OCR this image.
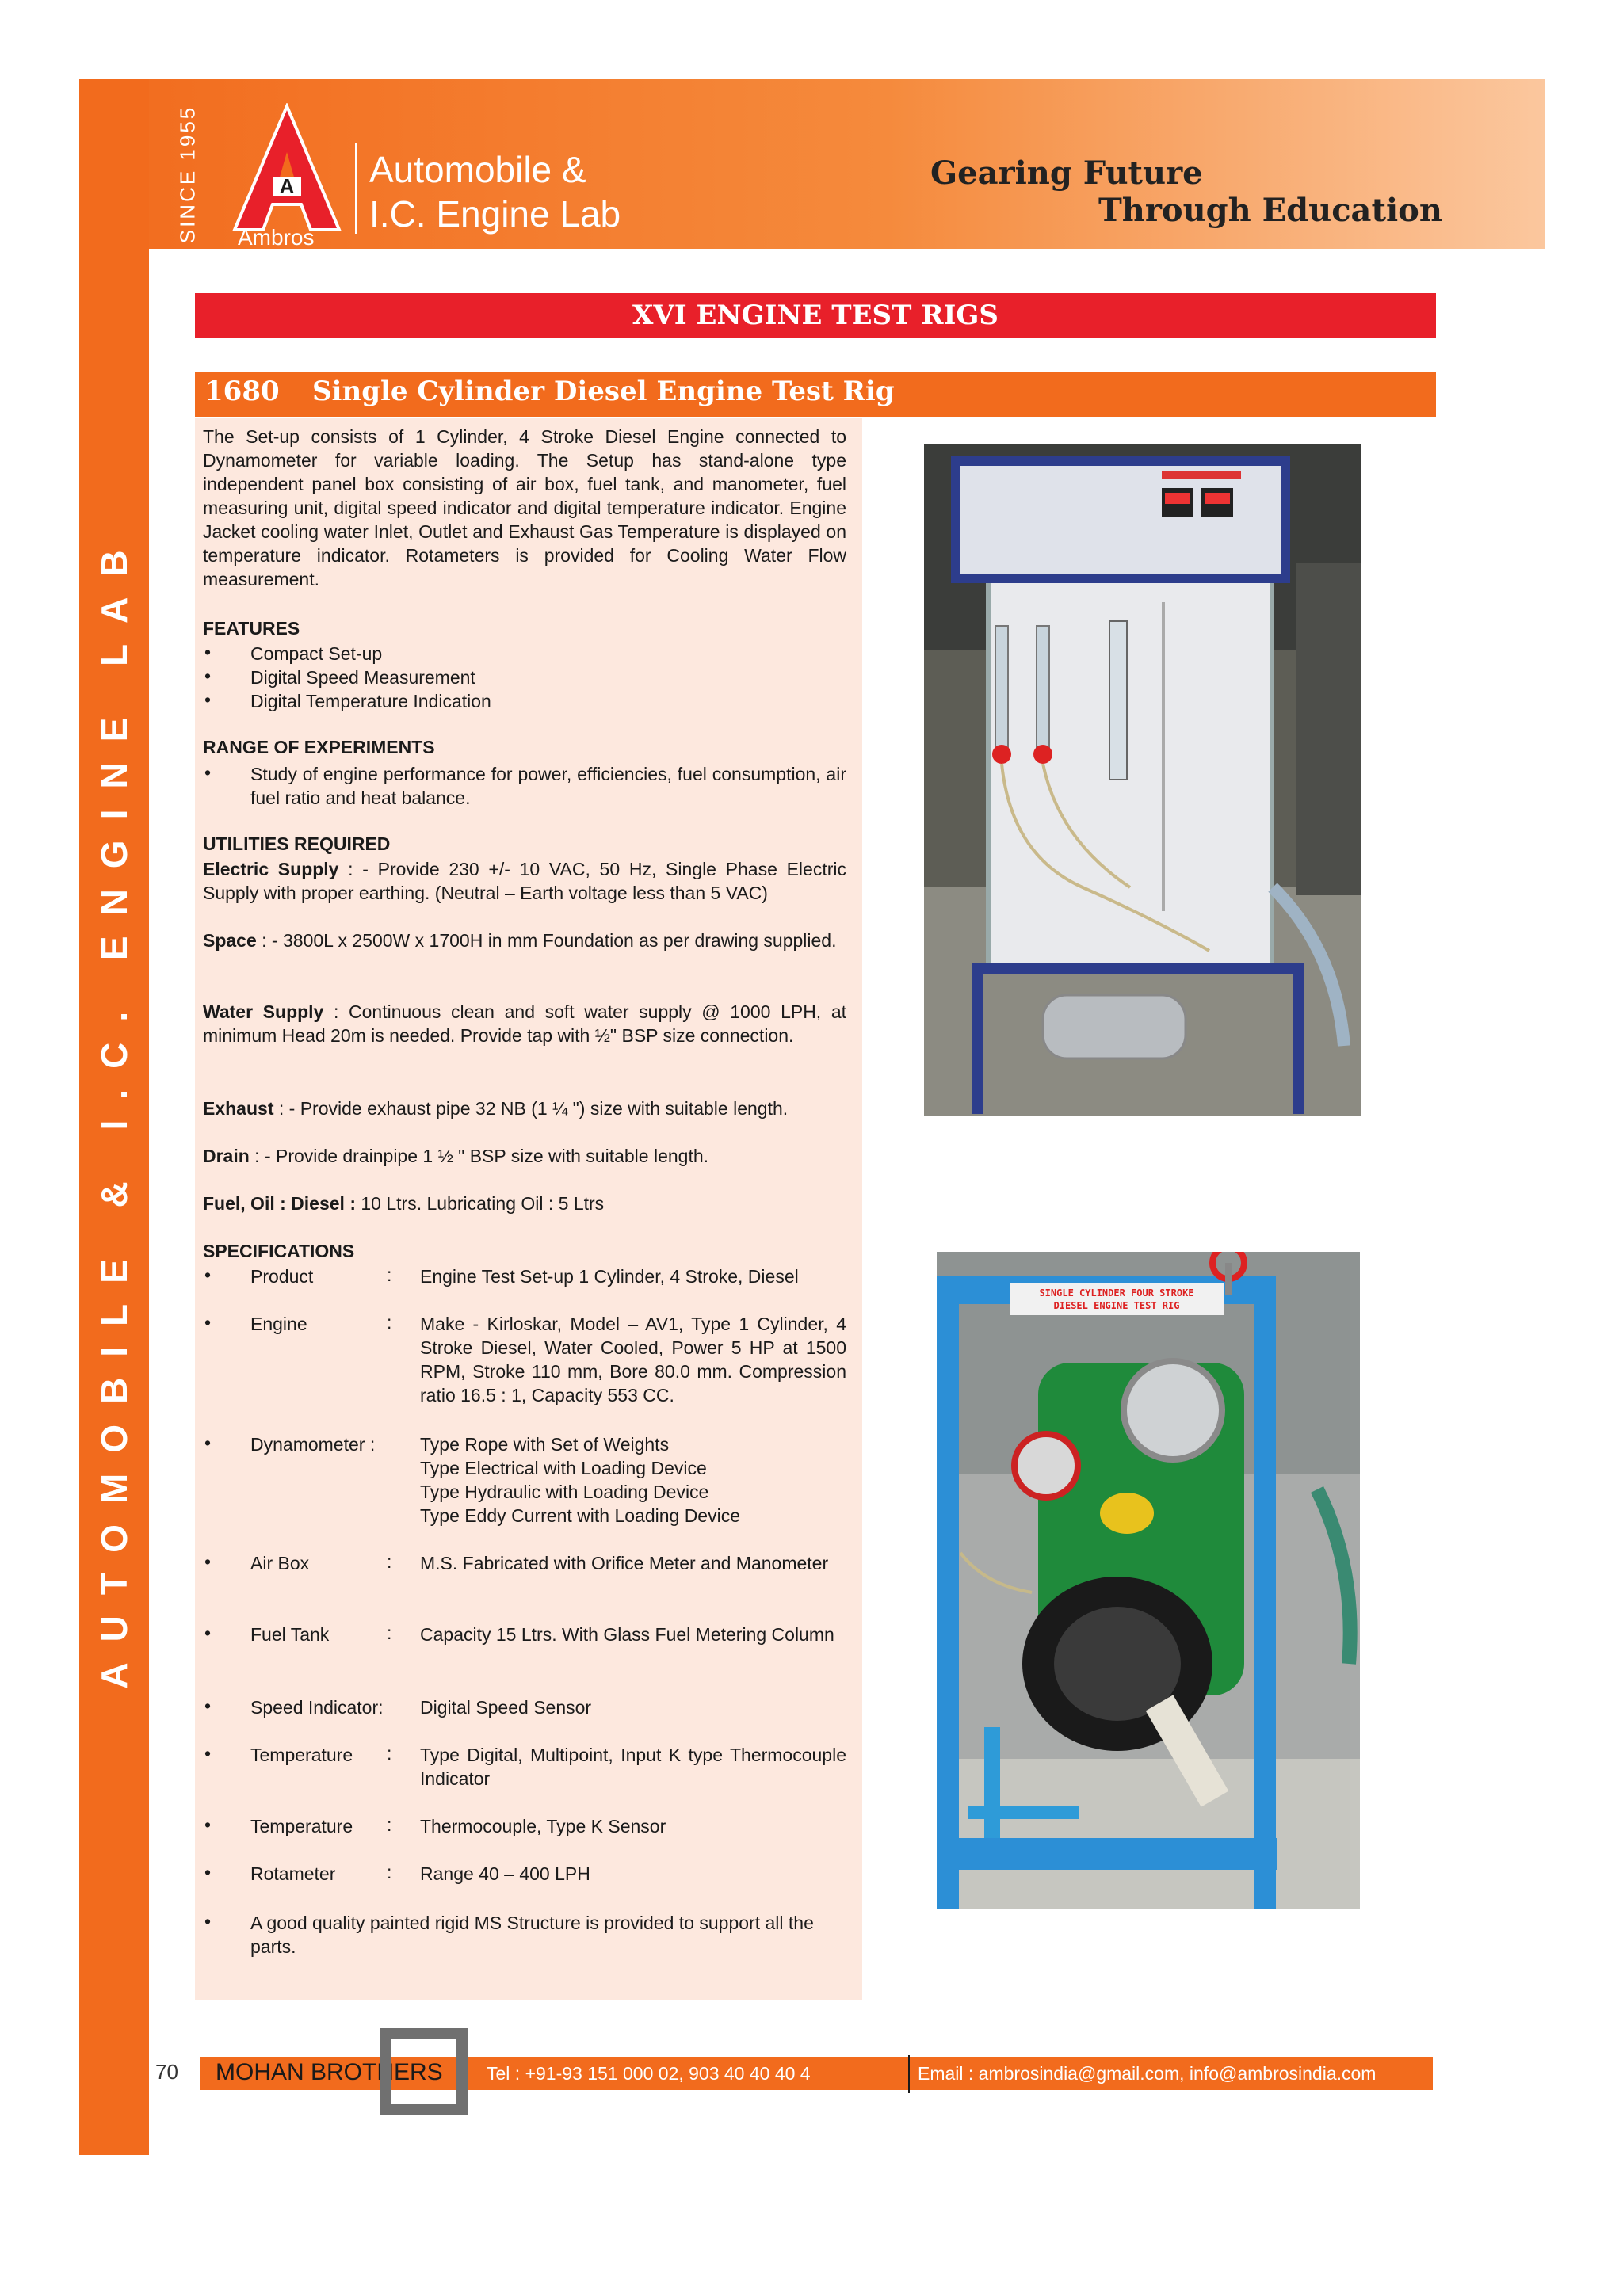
SINCE 1955	A
Ambros
Automobile &
I.C. Engine Lab
Gearing Future
Through Education
AUTOMOBILE & I.C. ENGINE LAB
XVI ENGINE TEST RIGS
1680 Single Cylinder Diesel Engine Test Rig
The Set-up consists of 1 Cylinder, 4 Stroke Diesel Engine connected to Dynamometer for variable loading. The Setup has stand-alone type independent panel box consisting of air box, fuel tank, and manometer, fuel measuring unit, digital speed indicator and digital temperature indicator. Engine Jacket cooling water Inlet, Outlet and Exhaust Gas Temperature is displayed on temperature indicator. Rotameters is provided for Cooling Water Flow measurement.
FEATURES
• Compact Set-up
• Digital Speed Measurement
• Digital Temperature Indication
RANGE OF EXPERIMENTS
• Study of engine performance for power, efficiencies, fuel consumption, air fuel ratio and heat balance.
UTILITIES REQUIRED
Electric Supply : - Provide 230 +/- 10 VAC, 50 Hz, Single Phase Electric Supply with proper earthing. (Neutral – Earth voltage less than 5 VAC)
Space : - 3800L x 2500W x 1700H in mm Foundation as per drawing supplied.
Water Supply : Continuous clean and soft water supply @ 1000 LPH, at minimum Head 20m is needed. Provide tap with ½" BSP size connection.
Exhaust : - Provide exhaust pipe 32 NB (1 ¼ ") size with suitable length.
Drain : - Provide drainpipe 1 ½ " BSP size with suitable length.
Fuel, Oil : Diesel : 10 Ltrs. Lubricating Oil : 5 Ltrs
SPECIFICATIONS
• Product	: Engine Test Set-up 1 Cylinder, 4 Stroke, Diesel
• Engine	: Make - Kirloskar, Model – AV1, Type 1 Cylinder, 4 Stroke Diesel, Water Cooled, Power 5 HP at 1500 RPM, Stroke 110 mm, Bore 80.0 mm. Compression ratio 16.5 : 1, Capacity 553 CC.
• Dynamometer : Type Rope with Set of Weights
Type Electrical with Loading Device
Type Hydraulic with Loading Device
Type Eddy Current with Loading Device
• Air Box	: M.S. Fabricated with Orifice Meter and Manometer
• Fuel Tank	: Capacity 15 Ltrs. With Glass Fuel Metering Column
• Speed Indicator: Digital Speed Sensor
• Temperature : Type Digital, Multipoint, Input K type Thermocouple Indicator
• Temperature : Thermocouple, Type K Sensor
• Rotameter	: Range 40 – 400 LPH
• A good quality painted rigid MS Structure is provided to support all the parts.
SINGLE CYLINDER FOUR STROKE
DIESEL ENGINE TEST RIG
70 MOHAN BROTHERS Tel : +91-93 151 000 02, 903 40 40 40 4	Email : ambrosindia@gmail.com, info@ambrosindia.com
